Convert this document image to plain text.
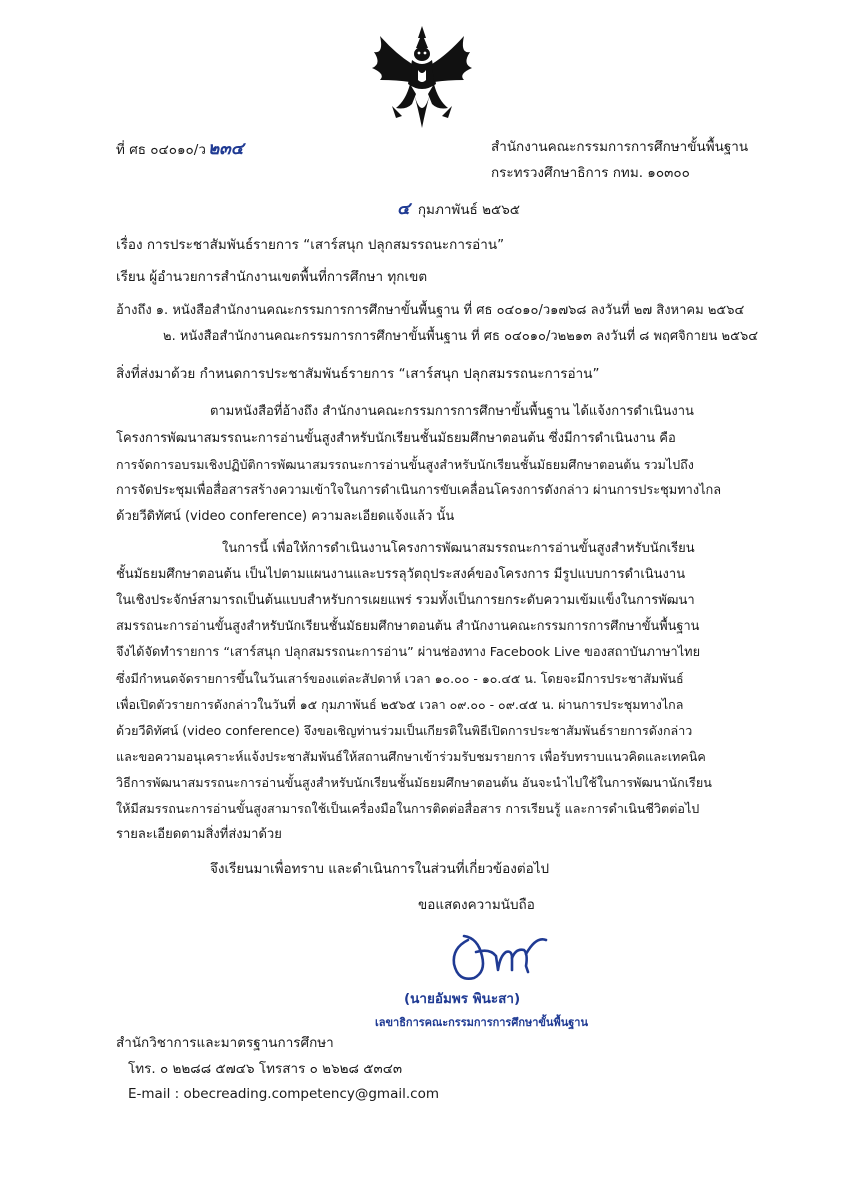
ที่ ศธ ๐๔๐๑๐/ว ๒๓๔	สำนักงานคณะกรรมการการศึกษาขั้นพื้นฐาน
กระทรวงศึกษาธิการ กทม. ๑๐๓๐๐
๔ กุมภาพันธ์ ๒๕๖๕
เรื่อง การประชาสัมพันธ์รายการ “เสาร์สนุก ปลุกสมรรถนะการอ่าน”
เรียน ผู้อำนวยการสำนักงานเขตพื้นที่การศึกษา ทุกเขต
อ้างถึง ๑. หนังสือสำนักงานคณะกรรมการการศึกษาขั้นพื้นฐาน ที่ ศธ ๐๔๐๑๐/ว๑๗๖๘ ลงวันที่ ๒๗ สิงหาคม ๒๕๖๔
๒. หนังสือสำนักงานคณะกรรมการการศึกษาขั้นพื้นฐาน ที่ ศธ ๐๔๐๑๐/ว๒๒๑๓ ลงวันที่ ๘ พฤศจิกายน ๒๕๖๔
สิ่งที่ส่งมาด้วย กำหนดการประชาสัมพันธ์รายการ “เสาร์สนุก ปลุกสมรรถนะการอ่าน”
ตามหนังสือที่อ้างถึง สำนักงานคณะกรรมการการศึกษาขั้นพื้นฐาน ได้แจ้งการดำเนินงาน
โครงการพัฒนาสมรรถนะการอ่านขั้นสูงสำหรับนักเรียนชั้นมัธยมศึกษาตอนต้น ซึ่งมีการดำเนินงาน คือ
การจัดการอบรมเชิงปฏิบัติการพัฒนาสมรรถนะการอ่านขั้นสูงสำหรับนักเรียนชั้นมัธยมศึกษาตอนต้น รวมไปถึง
การจัดประชุมเพื่อสื่อสารสร้างความเข้าใจในการดำเนินการขับเคลื่อนโครงการดังกล่าว ผ่านการประชุมทางไกล
ด้วยวีดิทัศน์ (video conference) ความละเอียดแจ้งแล้ว นั้น
ในการนี้ เพื่อให้การดำเนินงานโครงการพัฒนาสมรรถนะการอ่านขั้นสูงสำหรับนักเรียน
ชั้นมัธยมศึกษาตอนต้น เป็นไปตามแผนงานและบรรลุวัตถุประสงค์ของโครงการ มีรูปแบบการดำเนินงาน
ในเชิงประจักษ์สามารถเป็นต้นแบบสำหรับการเผยแพร่ รวมทั้งเป็นการยกระดับความเข้มแข็งในการพัฒนา
สมรรถนะการอ่านขั้นสูงสำหรับนักเรียนชั้นมัธยมศึกษาตอนต้น สำนักงานคณะกรรมการการศึกษาขั้นพื้นฐาน
จึงได้จัดทำรายการ “เสาร์สนุก ปลุกสมรรถนะการอ่าน” ผ่านช่องทาง Facebook Live ของสถาบันภาษาไทย
ซึ่งมีกำหนดจัดรายการขึ้นในวันเสาร์ของแต่ละสัปดาห์ เวลา ๑๐.๐๐ - ๑๐.๔๕ น. โดยจะมีการประชาสัมพันธ์
เพื่อเปิดตัวรายการดังกล่าวในวันที่ ๑๕ กุมภาพันธ์ ๒๕๖๕ เวลา ๐๙.๐๐ - ๐๙.๔๕ น. ผ่านการประชุมทางไกล
ด้วยวีดิทัศน์ (video conference) จึงขอเชิญท่านร่วมเป็นเกียรติในพิธีเปิดการประชาสัมพันธ์รายการดังกล่าว
และขอความอนุเคราะห์แจ้งประชาสัมพันธ์ให้สถานศึกษาเข้าร่วมรับชมรายการ เพื่อรับทราบแนวคิดและเทคนิค
วิธีการพัฒนาสมรรถนะการอ่านขั้นสูงสำหรับนักเรียนชั้นมัธยมศึกษาตอนต้น อันจะนำไปใช้ในการพัฒนานักเรียน
ให้มีสมรรถนะการอ่านขั้นสูงสามารถใช้เป็นเครื่องมือในการติดต่อสื่อสาร การเรียนรู้ และการดำเนินชีวิตต่อไป
รายละเอียดตามสิ่งที่ส่งมาด้วย
จึงเรียนมาเพื่อทราบ และดำเนินการในส่วนที่เกี่ยวข้องต่อไป
ขอแสดงความนับถือ
(นายอัมพร พินะสา)
เลขาธิการคณะกรรมการการศึกษาขั้นพื้นฐาน
สำนักวิชาการและมาตรฐานการศึกษา
โทร. ๐ ๒๒๘๘ ๕๗๔๖ โทรสาร ๐ ๒๖๒๘ ๕๓๔๓
E-mail : obecreading.competency@gmail.com
